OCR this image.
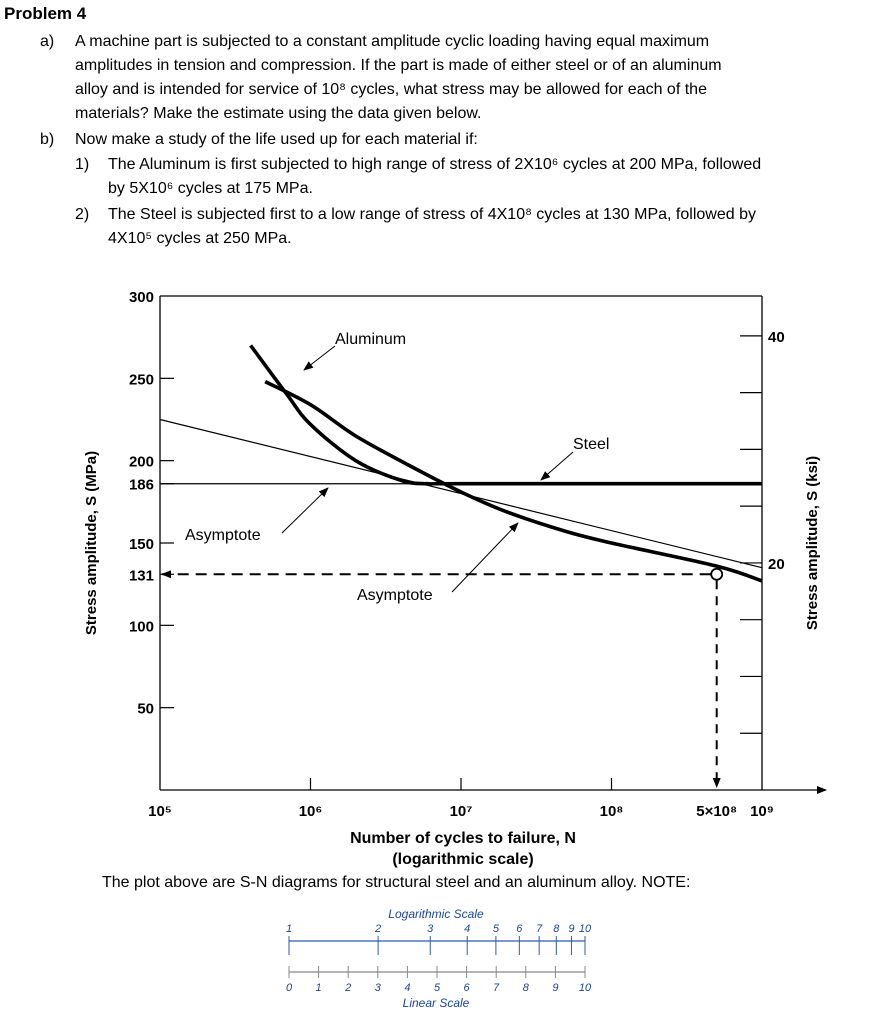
Problem 4
a) A machine part is subjected to a constant amplitude cyclic loading having equal maximum
amplitudes in tension and compression. If the part is made of either steel or of an aluminum
alloy and is intended for service of 10⁸ cycles, what stress may be allowed for each of the
materials? Make the estimate using the data given below.
b) Now make a study of the life used up for each material if:
1) The Aluminum is first subjected to high range of stress of 2X10⁶ cycles at 200 MPa, followed
by 5X10⁶ cycles at 175 MPa.
2) The Steel is subjected first to a low range of stress of 4X10⁸ cycles at 130 MPa, followed by
4X10⁵ cycles at 250 MPa.
50
100
131
150
186
200
250
300
20
40
10⁵	10⁶	10⁷	10⁸	5×10⁸ 10⁹
Aluminum
Steel
Asymptote
Asymptote
Stress amplitude, S (MPa)	Stress amplitude, S (ksi)
Number of cycles to failure, N
(logarithmic scale)
Logarithmic Scale
1	2	3	4 5 6 7 8 9 10
0 1 2 3 4 5 6 7 8 9 10
Linear Scale
The plot above are S-N diagrams for structural steel and an aluminum alloy. NOTE:
